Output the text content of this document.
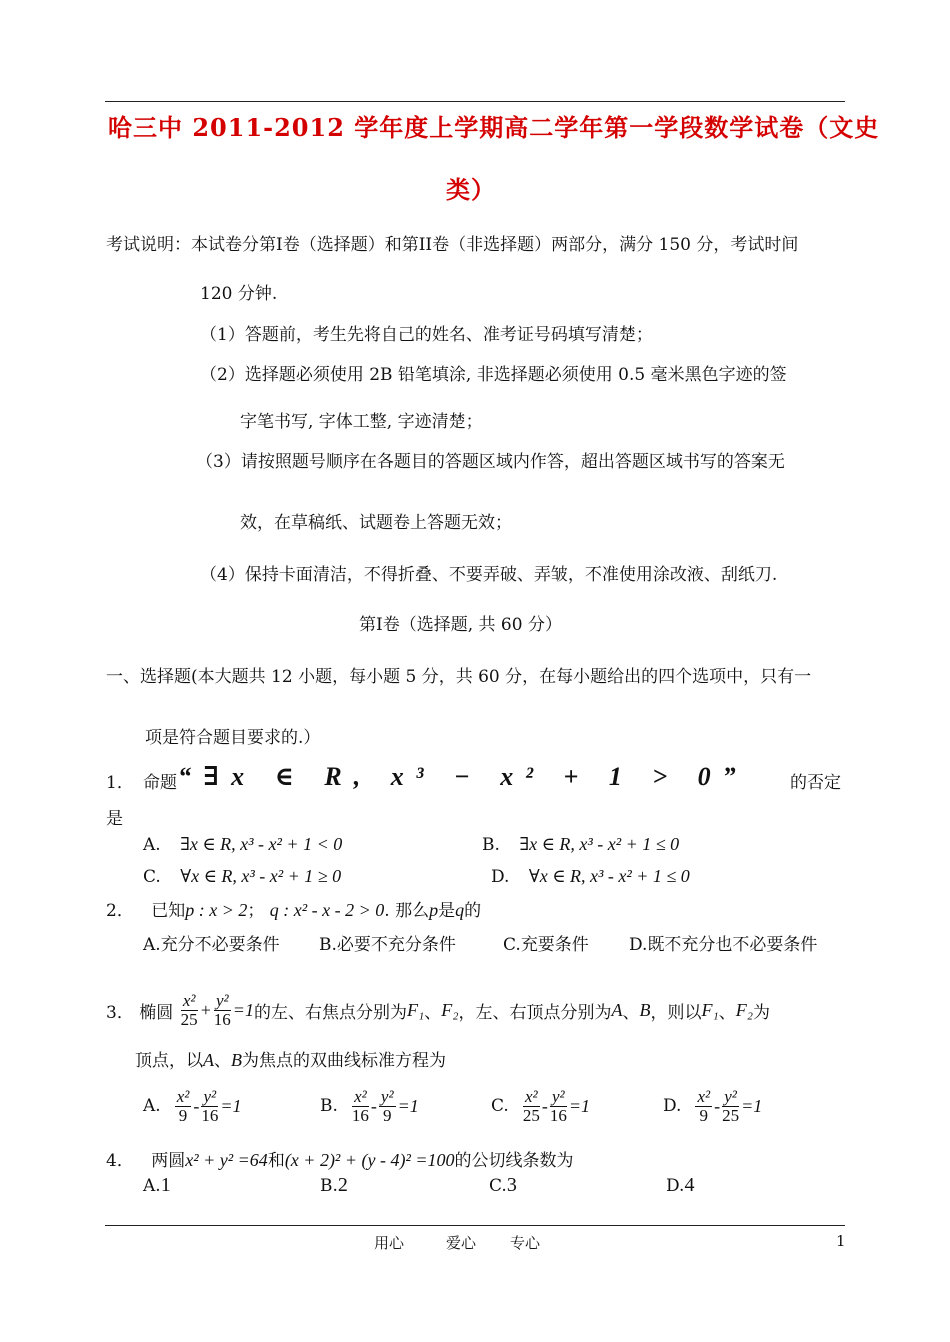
哈三中 2011-2012 学年度上学期高二学年第一学段数学试卷（文史
类）
考试说明：本试卷分第I卷（选择题）和第II卷（非选择题）两部分，满分 150 分，考试时间
120 分钟.
（1）答题前，考生先将自己的姓名、准考证号码填写清楚；
（2）选择题必须使用 2B 铅笔填涂, 非选择题必须使用 0.5 毫米黑色字迹的签
字笔书写, 字体工整, 字迹清楚；
（3）请按照题号顺序在各题目的答题区域内作答，超出答题区域书写的答案无
效，在草稿纸、试题卷上答题无效；
（4）保持卡面清洁，不得折叠、不要弄破、弄皱，不准使用涂改液、刮纸刀.
第I卷（选择题, 共 60 分）
一、选择题(本大题共 12 小题，每小题 5 分，共 60 分，在每小题给出的四个选项中，只有一
项是符合题目要求的.）
1． 命题 “∃x ∈ R, x³ − x² + 1 > 0” 的否定
是
A. ∃x ∈ R, x³ - x² + 1 < 0	B. ∃x ∈ R, x³ - x² + 1 ≤ 0
C. ∀x ∈ R, x³ - x² + 1 ≥ 0	D. ∀x ∈ R, x³ - x² + 1 ≤ 0
2． 已知p : x > 2； q : x² - x - 2 > 0. 那么p是q的
A.充分不必要条件 B.必要不充分条件	C.充要条件 D.既不充分也不必要条件
3． 椭圆 $\frac{\text{x²}}{25} + \frac{\text{y²}}{16} =1$的左、右焦点分别为F₁、F₂，左、右顶点分别为A、B，则以F₁、F₂为
顶点，以A、B为焦点的双曲线标准方程为
A. $\frac{\text{x²}}{9} - \frac{\text{y²}}{16} =1$	B. $\frac{\text{x²}}{16} - \frac{\text{y²}}{9} =1$	C. $\frac{\text{x²}}{25} - \frac{\text{y²}}{16} =1$	D. $\frac{\text{x²}}{9} - \frac{\text{y²}}{25} =1$
4． 两圆x² + y² =64和(x + 2)² + (y - 4)² =100的公切线条数为
A.1	B.2	C.3	D.4
用心	爱心 专心	1
